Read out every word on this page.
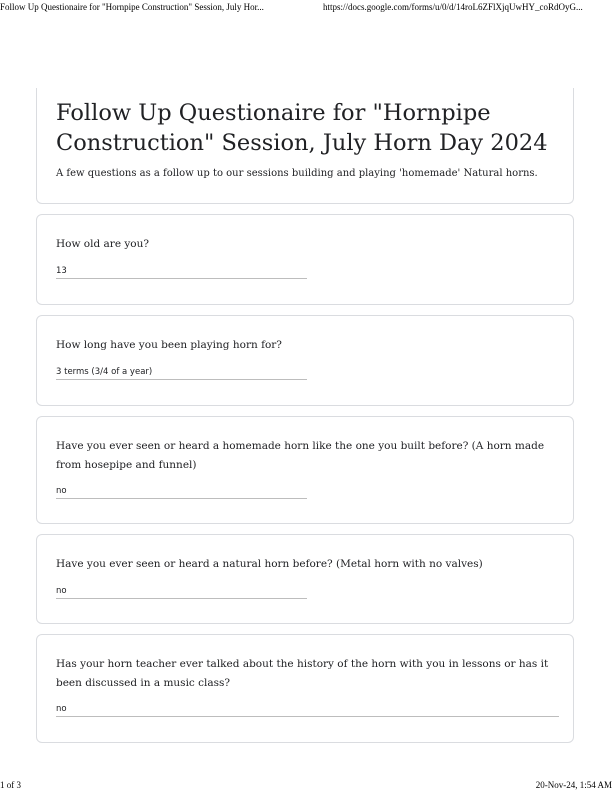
Follow Up Questionaire for "Hornpipe Construction" Session, July Hor...	https://docs.google.com/forms/u/0/d/14roL6ZFlXjqUwHY_coRdOyG...
Follow Up Questionaire for "Hornpipe Construction" Session, July Horn Day 2024
A few questions as a follow up to our sessions building and playing 'homemade' Natural horns.
How old are you?
13
How long have you been playing horn for?
3 terms (3/4 of a year)
Have you ever seen or heard a homemade horn like the one you built before? (A horn made from hosepipe and funnel)
no
Have you ever seen or heard a natural horn before? (Metal horn with no valves)
no
Has your horn teacher ever talked about the history of the horn with you in lessons or has it been discussed in a music class?
no
1 of 3	20-Nov-24, 1:54 AM
